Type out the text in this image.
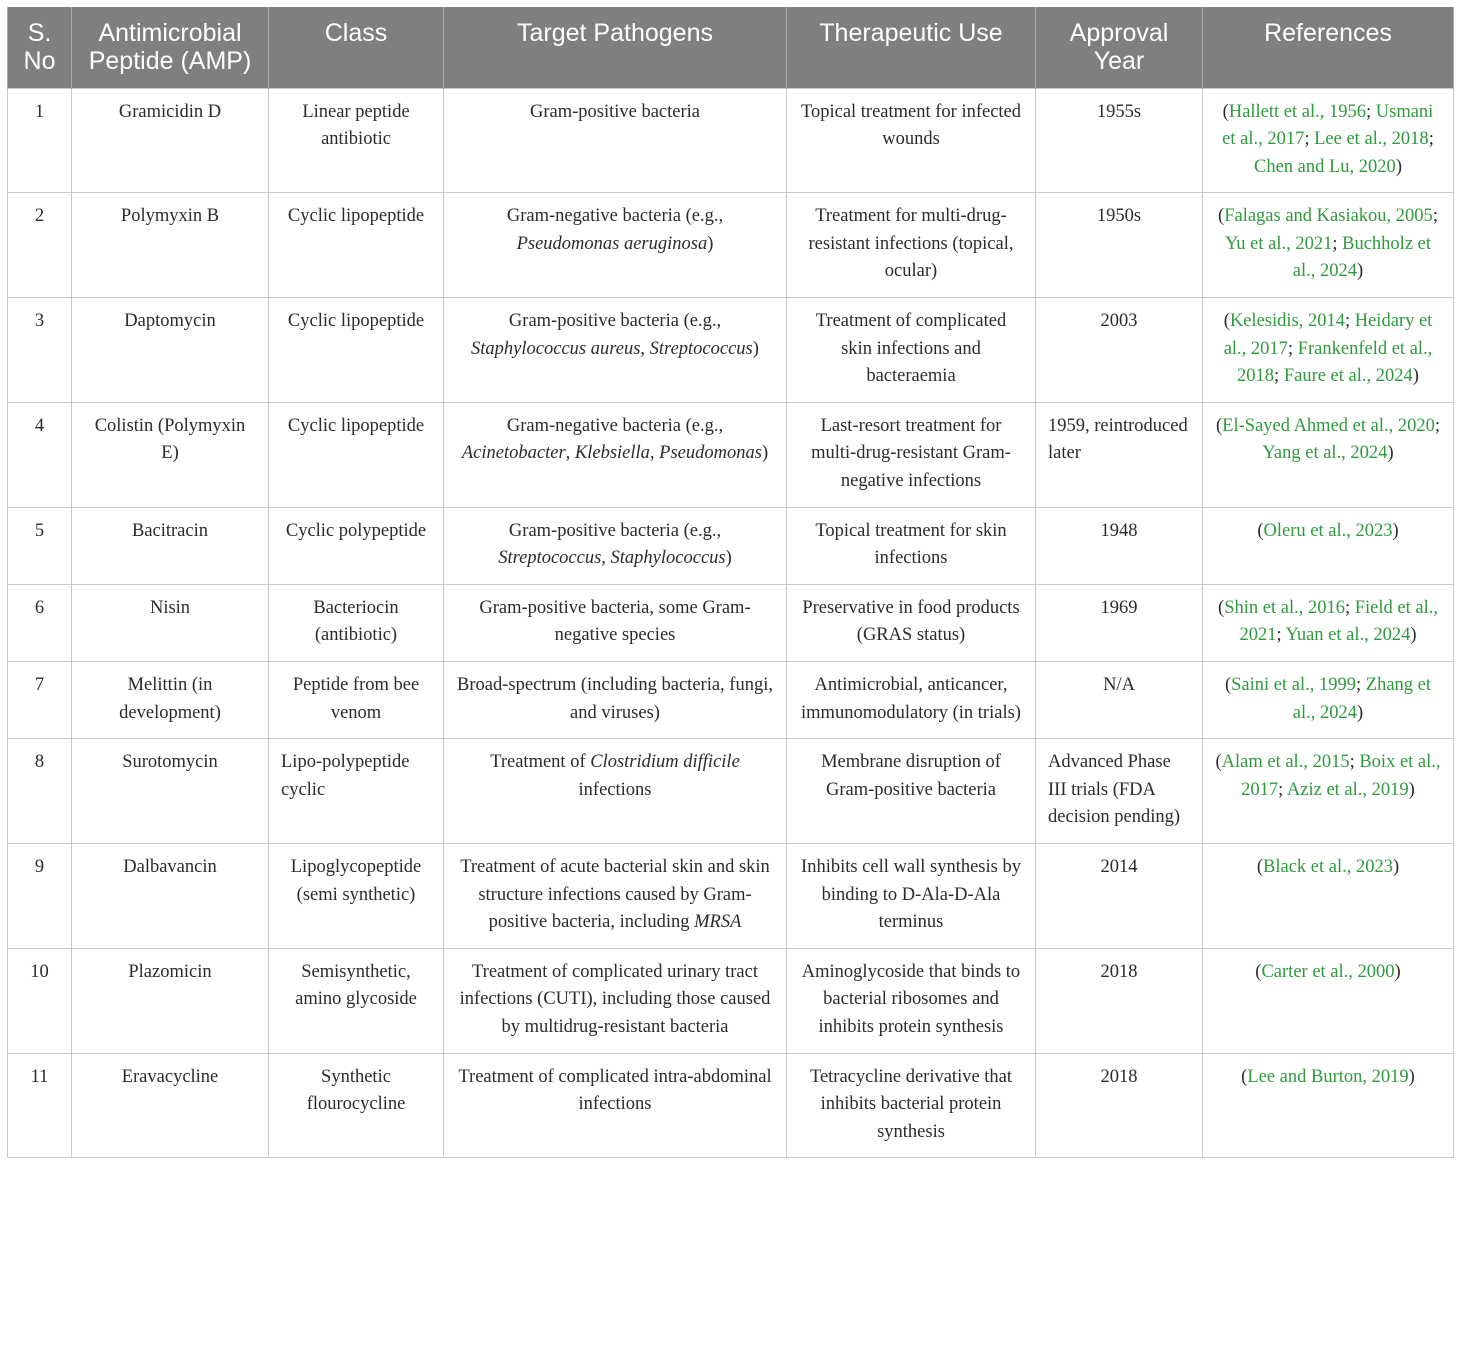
S. No	Antimicrobial Peptide (AMP)	Class	Target Pathogens	Therapeutic Use	Approval Year	References
1	Gramicidin D	Linear peptide antibiotic	Gram-positive bacteria	Topical treatment for infected wounds	1955s	(Hallett et al., 1956; Usmani et al., 2017; Lee et al., 2018; Chen and Lu, 2020)
2	Polymyxin B	Cyclic lipopeptide	Gram-negative bacteria (e.g., Pseudomonas aeruginosa)	Treatment for multi-drug-resistant infections (topical, ocular)	1950s	(Falagas and Kasiakou, 2005; Yu et al., 2021; Buchholz et al., 2024)
3	Daptomycin	Cyclic lipopeptide	Gram-positive bacteria (e.g., Staphylococcus aureus, Streptococcus)	Treatment of complicated skin infections and bacteraemia	2003	(Kelesidis, 2014; Heidary et al., 2017; Frankenfeld et al., 2018; Faure et al., 2024)
4	Colistin (Polymyxin E)	Cyclic lipopeptide	Gram-negative bacteria (e.g., Acinetobacter, Klebsiella, Pseudomonas)	Last-resort treatment for multi-drug-resistant Gram-negative infections	1959, reintroduced later	(El-Sayed Ahmed et al., 2020; Yang et al., 2024)
5	Bacitracin	Cyclic polypeptide	Gram-positive bacteria (e.g., Streptococcus, Staphylococcus)	Topical treatment for skin infections	1948	(Oleru et al., 2023)
6	Nisin	Bacteriocin (antibiotic)	Gram-positive bacteria, some Gram-negative species	Preservative in food products (GRAS status)	1969	(Shin et al., 2016; Field et al., 2021; Yuan et al., 2024)
7	Melittin (in development)	Peptide from bee venom	Broad-spectrum (including bacteria, fungi, and viruses)	Antimicrobial, anticancer, immunomodulatory (in trials)	N/A	(Saini et al., 1999; Zhang et al., 2024)
8	Surotomycin	Lipo-polypeptide cyclic	Treatment of Clostridium difficile infections	Membrane disruption of Gram-positive bacteria	Advanced Phase III trials (FDA decision pending)	(Alam et al., 2015; Boix et al., 2017; Aziz et al., 2019)
9	Dalbavancin	Lipoglycopeptide (semi synthetic)	Treatment of acute bacterial skin and skin structure infections caused by Gram-positive bacteria, including MRSA	Inhibits cell wall synthesis by binding to D-Ala-D-Ala terminus	2014	(Black et al., 2023)
10	Plazomicin	Semisynthetic, amino glycoside	Treatment of complicated urinary tract infections (CUTI), including those caused by multidrug-resistant bacteria	Aminoglycoside that binds to bacterial ribosomes and inhibits protein synthesis	2018	(Carter et al., 2000)
11	Eravacycline	Synthetic flourocycline	Treatment of complicated intra-abdominal infections	Tetracycline derivative that inhibits bacterial protein synthesis	2018	(Lee and Burton, 2019)
